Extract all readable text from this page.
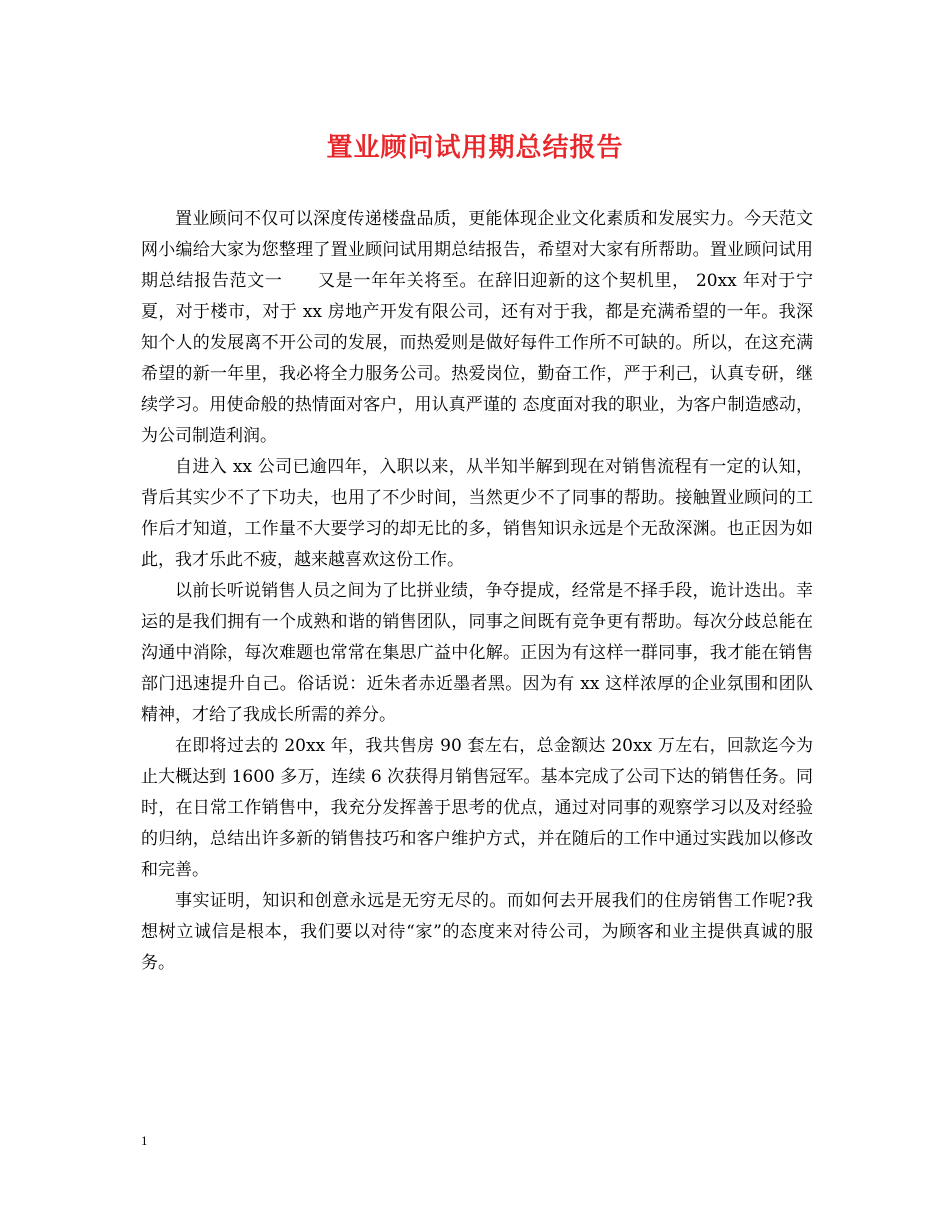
置业顾问试用期总结报告

置业顾问不仅可以深度传递楼盘品质，更能体现企业文化素质和发展实力。今天范文网小编给大家为您整理了置业顾问试用期总结报告，希望对大家有所帮助。置业顾问试用期总结报告范文一　　又是一年年关将至。在辞旧迎新的这个契机里， 20xx 年对于宁夏，对于楼市，对于 xx 房地产开发有限公司，还有对于我，都是充满希望的一年。我深知个人的发展离不开公司的发展，而热爱则是做好每件工作所不可缺的。所以，在这充满希望的新一年里，我必将全力服务公司。热爱岗位，勤奋工作，严于利己，认真专研，继续学习。用使命般的热情面对客户，用认真严谨的 态度面对我的职业，为客户制造感动，为公司制造利润。

自进入 xx 公司已逾四年，入职以来，从半知半解到现在对销售流程有一定的认知，背后其实少不了下功夫，也用了不少时间，当然更少不了同事的帮助。接触置业顾问的工作后才知道，工作量不大要学习的却无比的多，销售知识永远是个无敌深渊。也正因为如此，我才乐此不疲，越来越喜欢这份工作。

以前长听说销售人员之间为了比拼业绩，争夺提成，经常是不择手段，诡计迭出。幸运的是我们拥有一个成熟和谐的销售团队，同事之间既有竞争更有帮助。每次分歧总能在沟通中消除，每次难题也常常在集思广益中化解。正因为有这样一群同事，我才能在销售部门迅速提升自己。俗话说：近朱者赤近墨者黑。因为有 xx 这样浓厚的企业氛围和团队精神，才给了我成长所需的养分。

在即将过去的 20xx 年，我共售房 90 套左右，总金额达 20xx 万左右，回款迄今为止大概达到 1600 多万，连续 6 次获得月销售冠军。基本完成了公司下达的销售任务。同时，在日常工作销售中，我充分发挥善于思考的优点，通过对同事的观察学习以及对经验的归纳，总结出许多新的销售技巧和客户维护方式，并在随后的工作中通过实践加以修改和完善。

事实证明，知识和创意永远是无穷无尽的。而如何去开展我们的住房销售工作呢?我想树立诚信是根本，我们要以对待“家”的态度来对待公司，为顾客和业主提供真诚的服务。

1
